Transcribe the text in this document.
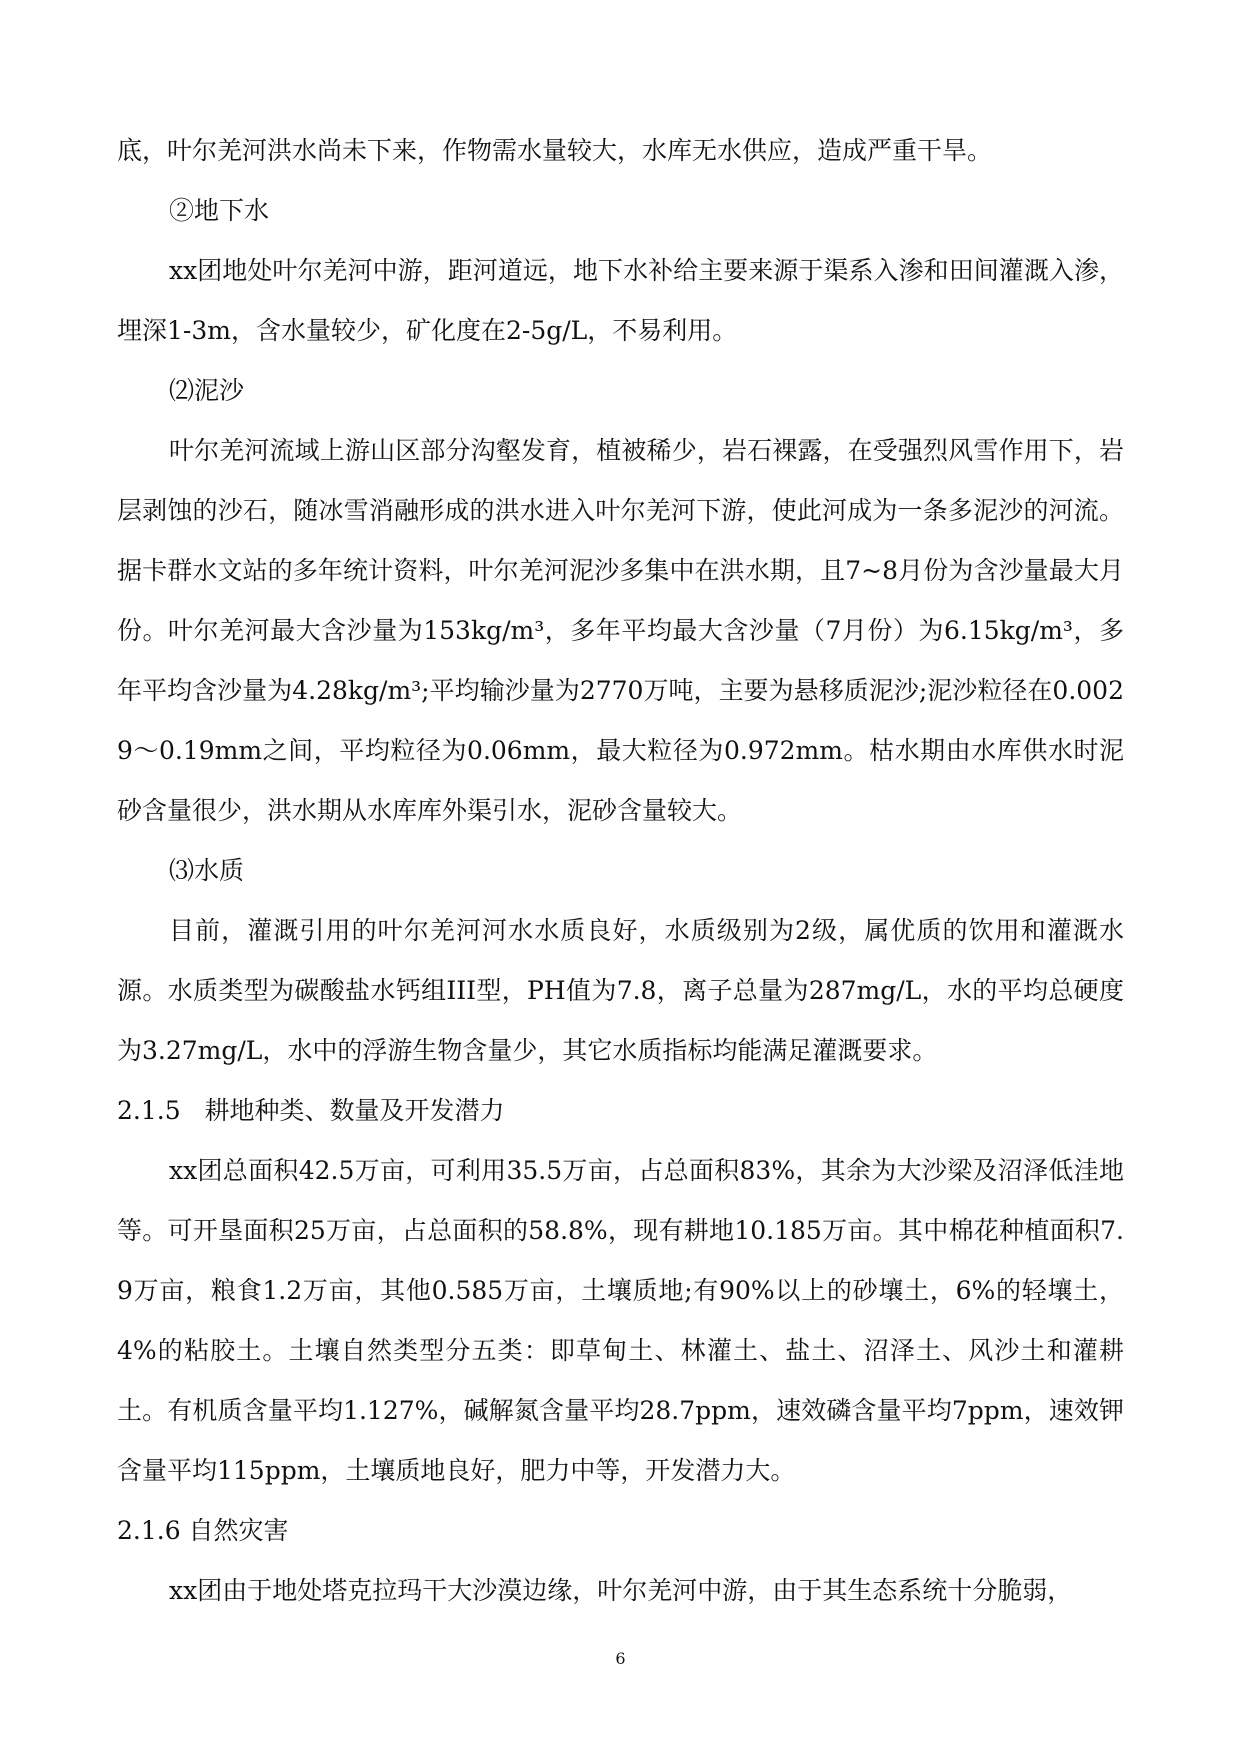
底，叶尔羌河洪水尚未下来，作物需水量较大，水库无水供应，造成严重干旱。

②地下水

xx团地处叶尔羌河中游，距河道远，地下水补给主要来源于渠系入渗和田间灌溉入渗，埋深1-3m，含水量较少，矿化度在2-5g/L，不易利用。

⑵泥沙

叶尔羌河流域上游山区部分沟壑发育，植被稀少，岩石裸露，在受强烈风雪作用下，岩层剥蚀的沙石，随冰雪消融形成的洪水进入叶尔羌河下游，使此河成为一条多泥沙的河流。据卡群水文站的多年统计资料，叶尔羌河泥沙多集中在洪水期，且7~8月份为含沙量最大月份。叶尔羌河最大含沙量为153kg/m³，多年平均最大含沙量（7月份）为6.15kg/m³，多年平均含沙量为4.28kg/m³;平均输沙量为2770万吨，主要为悬移质泥沙;泥沙粒径在0.0029～0.19mm之间，平均粒径为0.06mm，最大粒径为0.972mm。枯水期由水库供水时泥砂含量很少，洪水期从水库库外渠引水，泥砂含量较大。

⑶水质

目前，灌溉引用的叶尔羌河河水水质良好，水质级别为2级，属优质的饮用和灌溉水源。水质类型为碳酸盐水钙组III型，PH值为7.8，离子总量为287mg/L，水的平均总硬度为3.27mg/L，水中的浮游生物含量少，其它水质指标均能满足灌溉要求。

2.1.5   耕地种类、数量及开发潜力

xx团总面积42.5万亩，可利用35.5万亩，占总面积83%，其余为大沙梁及沼泽低洼地等。可开垦面积25万亩，占总面积的58.8%，现有耕地10.185万亩。其中棉花种植面积7.9万亩，粮食1.2万亩，其他0.585万亩，土壤质地;有90%以上的砂壤土，6%的轻壤土，4%的粘胶土。土壤自然类型分五类：即草甸土、林灌土、盐土、沼泽土、风沙土和灌耕土。有机质含量平均1.127%，碱解氮含量平均28.7ppm，速效磷含量平均7ppm，速效钾含量平均115ppm，土壤质地良好，肥力中等，开发潜力大。

2.1.6 自然灾害

xx团由于地处塔克拉玛干大沙漠边缘，叶尔羌河中游，由于其生态系统十分脆弱，

6
